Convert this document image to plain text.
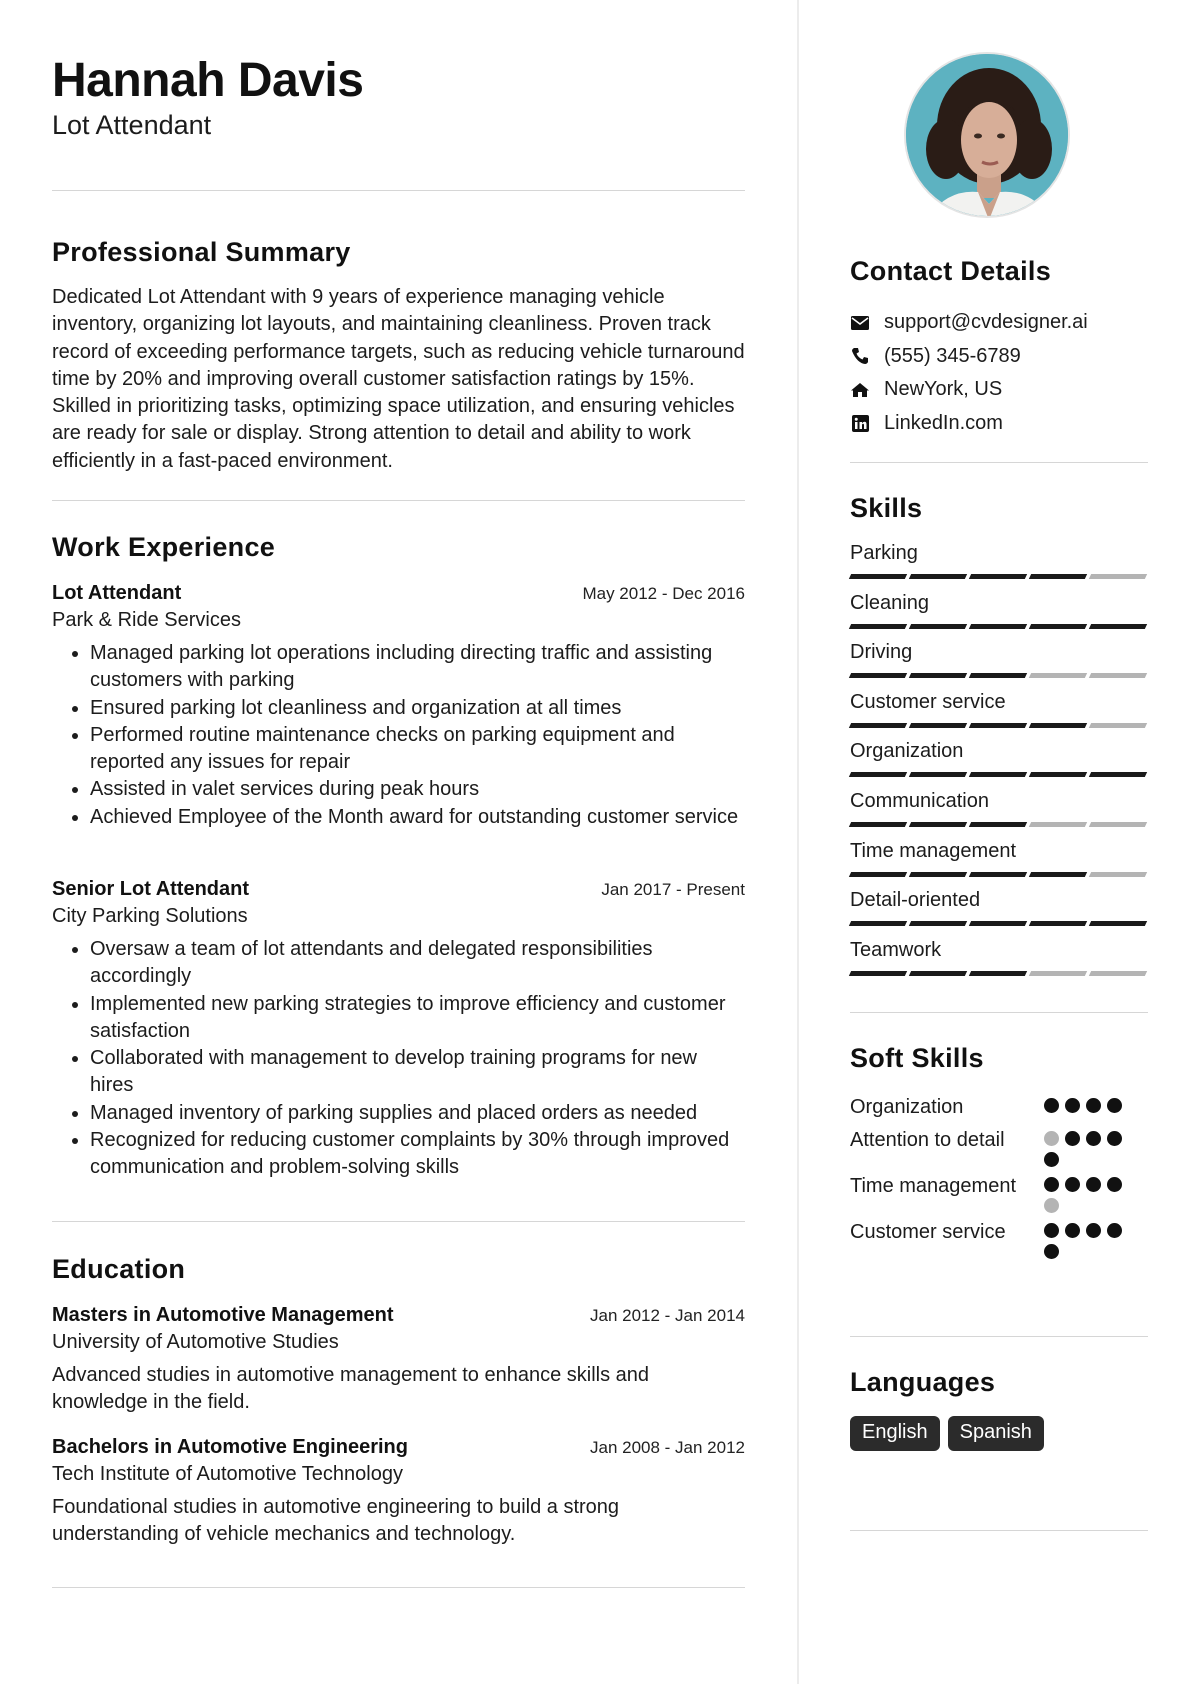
Hannah Davis
Lot Attendant
Professional Summary
Dedicated Lot Attendant with 9 years of experience managing vehicle inventory, organizing lot layouts, and maintaining cleanliness. Proven track record of exceeding performance targets, such as reducing vehicle turnaround time by 20% and improving overall customer satisfaction ratings by 15%. Skilled in prioritizing tasks, optimizing space utilization, and ensuring vehicles are ready for sale or display. Strong attention to detail and ability to work efficiently in a fast-paced environment.
Work Experience
Lot Attendant	May 2012 - Dec 2016
Park & Ride Services
• Managed parking lot operations including directing traffic and assisting customers with parking
• Ensured parking lot cleanliness and organization at all times
• Performed routine maintenance checks on parking equipment and reported any issues for repair
• Assisted in valet services during peak hours
• Achieved Employee of the Month award for outstanding customer service
Senior Lot Attendant	Jan 2017 - Present
City Parking Solutions
• Oversaw a team of lot attendants and delegated responsibilities accordingly
• Implemented new parking strategies to improve efficiency and customer satisfaction
• Collaborated with management to develop training programs for new hires
• Managed inventory of parking supplies and placed orders as needed
• Recognized for reducing customer complaints by 30% through improved communication and problem-solving skills
Education
Masters in Automotive Management	Jan 2012 - Jan 2014
University of Automotive Studies
Advanced studies in automotive management to enhance skills and knowledge in the field.
Bachelors in Automotive Engineering	Jan 2008 - Jan 2012
Tech Institute of Automotive Technology
Foundational studies in automotive engineering to build a strong understanding of vehicle mechanics and technology.
Contact Details
support@cvdesigner.ai
(555) 345-6789
NewYork, US
LinkedIn.com
Skills
Parking
Cleaning
Driving
Customer service
Organization
Communication
Time management
Detail-oriented
Teamwork
Soft Skills
Organization
Attention to detail
Time management
Customer service
Languages
English	Spanish
